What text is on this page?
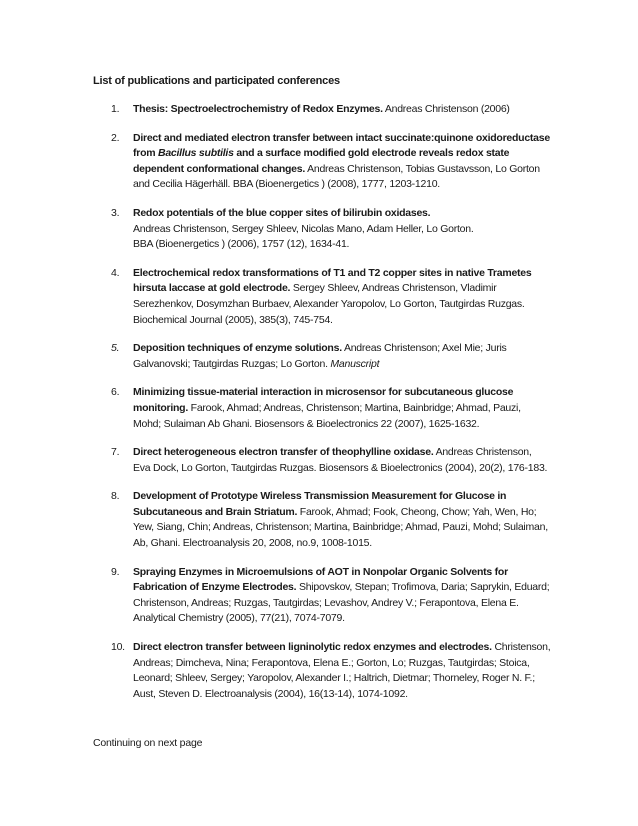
List of publications and participated conferences
1. Thesis: Spectroelectrochemistry of Redox Enzymes. Andreas Christenson (2006)
2. Direct and mediated electron transfer between intact succinate:quinone oxidoreductase from Bacillus subtilis and a surface modified gold electrode reveals redox state dependent conformational changes. Andreas Christenson, Tobias Gustavsson, Lo Gorton and Cecilia Hägerhäll. BBA (Bioenergetics ) (2008), 1777, 1203-1210.
3. Redox potentials of the blue copper sites of bilirubin oxidases.
Andreas Christenson, Sergey Shleev, Nicolas Mano, Adam Heller, Lo Gorton.
BBA (Bioenergetics ) (2006), 1757 (12), 1634-41.
4. Electrochemical redox transformations of T1 and T2 copper sites in native Trametes hirsuta laccase at gold electrode. Sergey Shleev, Andreas Christenson, Vladimir Serezhenkov, Dosymzhan Burbaev, Alexander Yaropolov, Lo Gorton, Tautgirdas Ruzgas. Biochemical Journal (2005), 385(3), 745-754.
5. Deposition techniques of enzyme solutions. Andreas Christenson; Axel Mie; Juris Galvanovski; Tautgirdas Ruzgas; Lo Gorton. Manuscript
6. Minimizing tissue-material interaction in microsensor for subcutaneous glucose monitoring. Farook, Ahmad; Andreas, Christenson; Martina, Bainbridge; Ahmad, Pauzi, Mohd; Sulaiman Ab Ghani. Biosensors & Bioelectronics 22 (2007), 1625-1632.
7. Direct heterogeneous electron transfer of theophylline oxidase. Andreas Christenson, Eva Dock, Lo Gorton, Tautgirdas Ruzgas. Biosensors & Bioelectronics (2004), 20(2), 176-183.
8. Development of Prototype Wireless Transmission Measurement for Glucose in Subcutaneous and Brain Striatum. Farook, Ahmad; Fook, Cheong, Chow; Yah, Wen, Ho; Yew, Siang, Chin; Andreas, Christenson; Martina, Bainbridge; Ahmad, Pauzi, Mohd; Sulaiman, Ab, Ghani. Electroanalysis 20, 2008, no.9, 1008-1015.
9. Spraying Enzymes in Microemulsions of AOT in Nonpolar Organic Solvents for Fabrication of Enzyme Electrodes. Shipovskov, Stepan; Trofimova, Daria; Saprykin, Eduard; Christenson, Andreas; Ruzgas, Tautgirdas; Levashov, Andrey V.; Ferapontova, Elena E. Analytical Chemistry (2005), 77(21), 7074-7079.
10. Direct electron transfer between ligninolytic redox enzymes and electrodes. Christenson, Andreas; Dimcheva, Nina; Ferapontova, Elena E.; Gorton, Lo; Ruzgas, Tautgirdas; Stoica, Leonard; Shleev, Sergey; Yaropolov, Alexander I.; Haltrich, Dietmar; Thorneley, Roger N. F.; Aust, Steven D. Electroanalysis (2004), 16(13-14), 1074-1092.
Continuing on next page
